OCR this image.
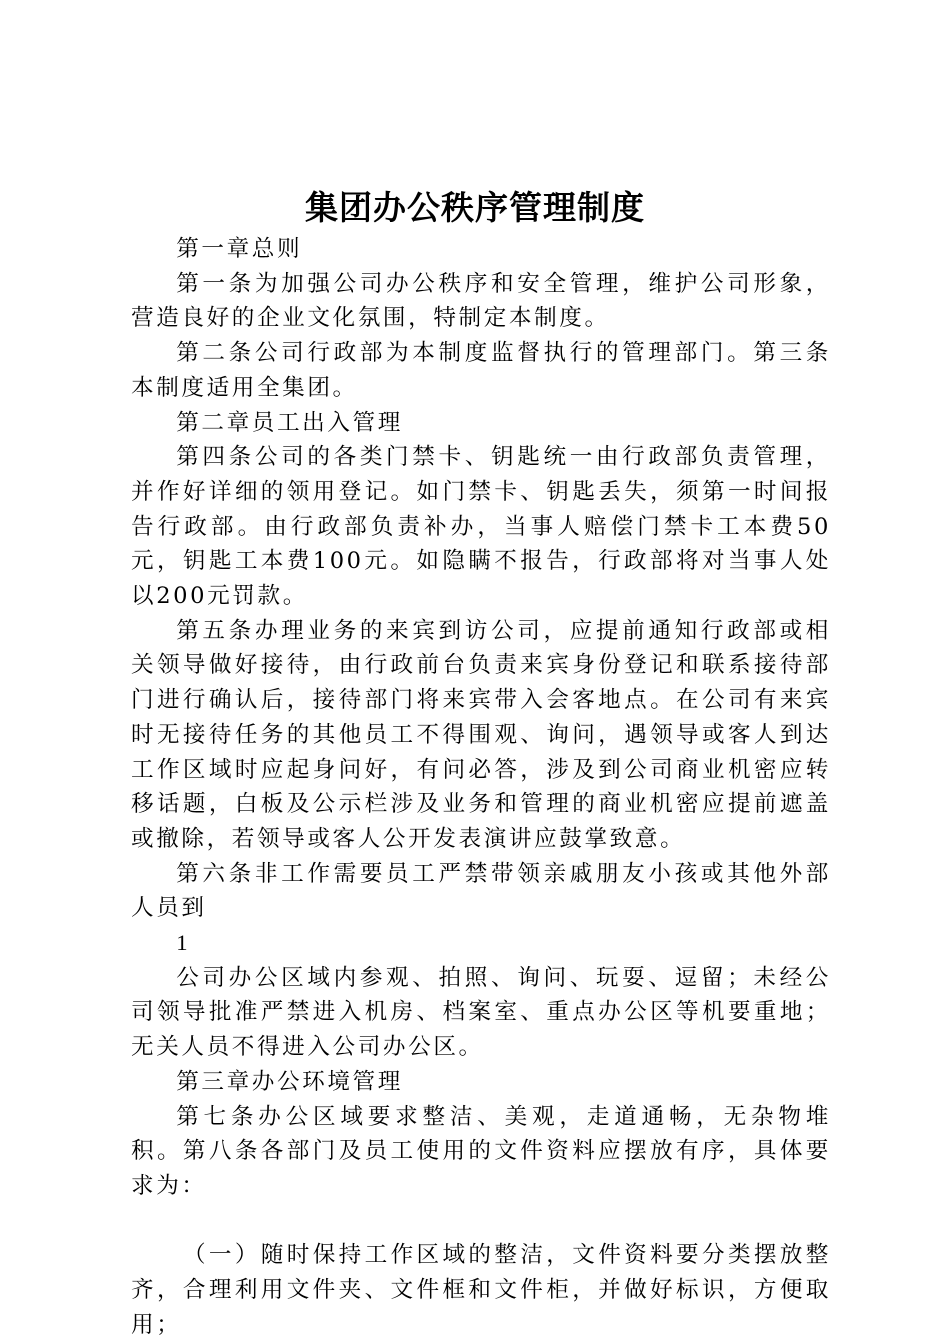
集团办公秩序管理制度

第一章总则

第一条为加强公司办公秩序和安全管理，维护公司形象，营造良好的企业文化氛围，特制定本制度。

第二条公司行政部为本制度监督执行的管理部门。第三条本制度适用全集团。

第二章员工出入管理

第四条公司的各类门禁卡、钥匙统一由行政部负责管理，并作好详细的领用登记。如门禁卡、钥匙丢失，须第一时间报告行政部。由行政部负责补办，当事人赔偿门禁卡工本费50元，钥匙工本费100元。如隐瞒不报告，行政部将对当事人处以200元罚款。

第五条办理业务的来宾到访公司，应提前通知行政部或相关领导做好接待，由行政前台负责来宾身份登记和联系接待部门进行确认后，接待部门将来宾带入会客地点。在公司有来宾时无接待任务的其他员工不得围观、询问，遇领导或客人到达工作区域时应起身问好，有问必答，涉及到公司商业机密应转移话题，白板及公示栏涉及业务和管理的商业机密应提前遮盖或撤除，若领导或客人公开发表演讲应鼓掌致意。

第六条非工作需要员工严禁带领亲戚朋友小孩或其他外部人员到

1

公司办公区域内参观、拍照、询问、玩耍、逗留；未经公司领导批准严禁进入机房、档案室、重点办公区等机要重地；无关人员不得进入公司办公区。

第三章办公环境管理

第七条办公区域要求整洁、美观，走道通畅，无杂物堆积。第八条各部门及员工使用的文件资料应摆放有序，具体要求为：

（一）随时保持工作区域的整洁，文件资料要分类摆放整齐，合理利用文件夹、文件框和文件柜，并做好标识，方便取用；
